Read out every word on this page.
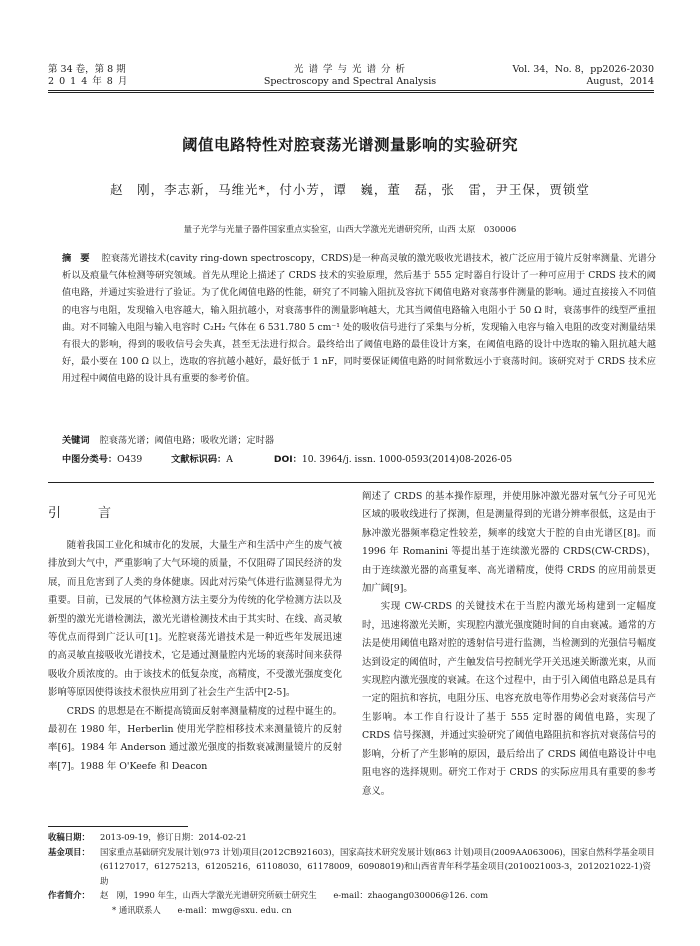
第 34 卷，第 8 期
2 0 1 4 年 8 月
光 谱 学 与 光 谱 分 析
Spectroscopy and Spectral Analysis
Vol. 34，No. 8，pp2026-2030
August，2014
阈值电路特性对腔衰荡光谱测量影响的实验研究
赵　刚，李志新，马维光*，付小芳，谭　巍，董　磊，张　雷，尹王保，贾锁堂
量子光学与光量子器件国家重点实验室，山西大学激光光谱研究所，山西 太原　030006
摘　要 腔衰荡光谱技术(cavity ring-down spectroscopy，CRDS)是一种高灵敏的激光吸收光谱技术，被广泛应用于镜片反射率测量、光谱分析以及痕量气体检测等研究领域。首先从理论上描述了 CRDS 技术的实验原理，然后基于 555 定时器自行设计了一种可应用于 CRDS 技术的阈值电路，并通过实验进行了验证。为了优化阈值电路的性能，研究了不同输入阻抗及容抗下阈值电路对衰荡事件测量的影响。通过直接接入不同值的电容与电阻，发现输入电容越大，输入阻抗越小，对衰荡事件的测量影响越大，尤其当阈值电路输入电阻小于 50 Ω 时，衰荡事件的线型严重扭曲。对不同输入电阻与输入电容时 C₂H₂ 气体在 6 531.780 5 cm⁻¹ 处的吸收信号进行了采集与分析，发现输入电容与输入电阻的改变对测量结果有很大的影响，得到的吸收信号会失真，甚至无法进行拟合。最终给出了阈值电路的最佳设计方案，在阈值电路的设计中选取的输入阻抗越大越好，最小要在 100 Ω 以上，选取的容抗越小越好，最好低于 1 nF，同时要保证阈值电路的时间常数远小于衰荡时间。该研究对于 CRDS 技术应用过程中阈值电路的设计具有重要的参考价值。
关键词 腔衰荡光谱；阈值电路；吸收光谱；定时器
中图分类号：O439	文献标识码：A	DOI：10. 3964/j. issn. 1000-0593(2014)08-2026-05
引　言

随着我国工业化和城市化的发展，大量生产和生活中产生的废气被排放到大气中，严重影响了大气环境的质量，不仅阻碍了国民经济的发展，而且危害到了人类的身体健康。因此对污染气体进行监测显得尤为重要。目前，已发展的气体检测方法主要分为传统的化学检测方法以及新型的激光光谱检测法，激光光谱检测技术由于其实时、在线、高灵敏等优点而得到广泛认可[1]。光腔衰荡光谱技术是一种近些年发展迅速的高灵敏直接吸收光谱技术，它是通过测量腔内光场的衰荡时间来获得吸收介质浓度的。由于该技术的低复杂度，高精度，不受激光强度变化影响等原因使得该技术很快应用到了社会生产生活中[2-5]。

CRDS 的思想是在不断提高镜面反射率测量精度的过程中诞生的。最初在 1980 年，Herberlin 使用光学腔相移技术来测量镜片的反射率[6]。1984 年 Anderson 通过激光强度的指数衰减测量镜片的反射率[7]。1988 年 O'Keefe 和 Deacon

阐述了 CRDS 的基本操作原理，并使用脉冲激光器对氧气分子可见光区域的吸收线进行了探测，但是测量得到的光谱分辨率很低，这是由于脉冲激光器频率稳定性较差，频率的线宽大于腔的自由光谱区[8]。而 1996 年 Romanini 等提出基于连续激光器的 CRDS(CW-CRDS)，由于连续激光器的高重复率、高光谱精度，使得 CRDS 的应用前景更加广阔[9]。

实现 CW-CRDS 的关键技术在于当腔内激光场构建到一定幅度时，迅速将激光关断，实现腔内激光强度随时间的自由衰减。通常的方法是使用阈值电路对腔的透射信号进行监测，当检测到的光强信号幅度达到设定的阈值时，产生触发信号控制光学开关迅速关断激光束，从而实现腔内激光强度的衰减。在这个过程中，由于引入阈值电路总是具有一定的阻抗和容抗，电阻分压、电容充放电等作用势必会对衰荡信号产生影响。本工作自行设计了基于 555 定时器的阈值电路，实现了 CRDS 信号探测，并通过实验研究了阈值电路阻抗和容抗对衰荡信号的影响，分析了产生影响的原因，最后给出了 CRDS 阈值电路设计中电阻电容的选择规则。研究工作对于 CRDS 的实际应用具有重要的参考意义。

收稿日期：	2013-09-19，修订日期：2014-02-21
基金项目：	国家重点基础研究发展计划(973 计划)项目(2012CB921603)，国家高技术研究发展计划(863 计划)项目(2009AA063006)，国家自然科学基金项目(61127017，61275213，61205216，61108030，61178009，60908019)和山西省青年科学基金项目(2010021003-3，2012021022-1)资助
作者简介：	赵　刚，1990 年生，山西大学激光光谱研究所硕士研究生　　e-mail：zhaogang030006@126. com
* 通讯联系人　　e-mail：mwg@sxu. edu. cn
